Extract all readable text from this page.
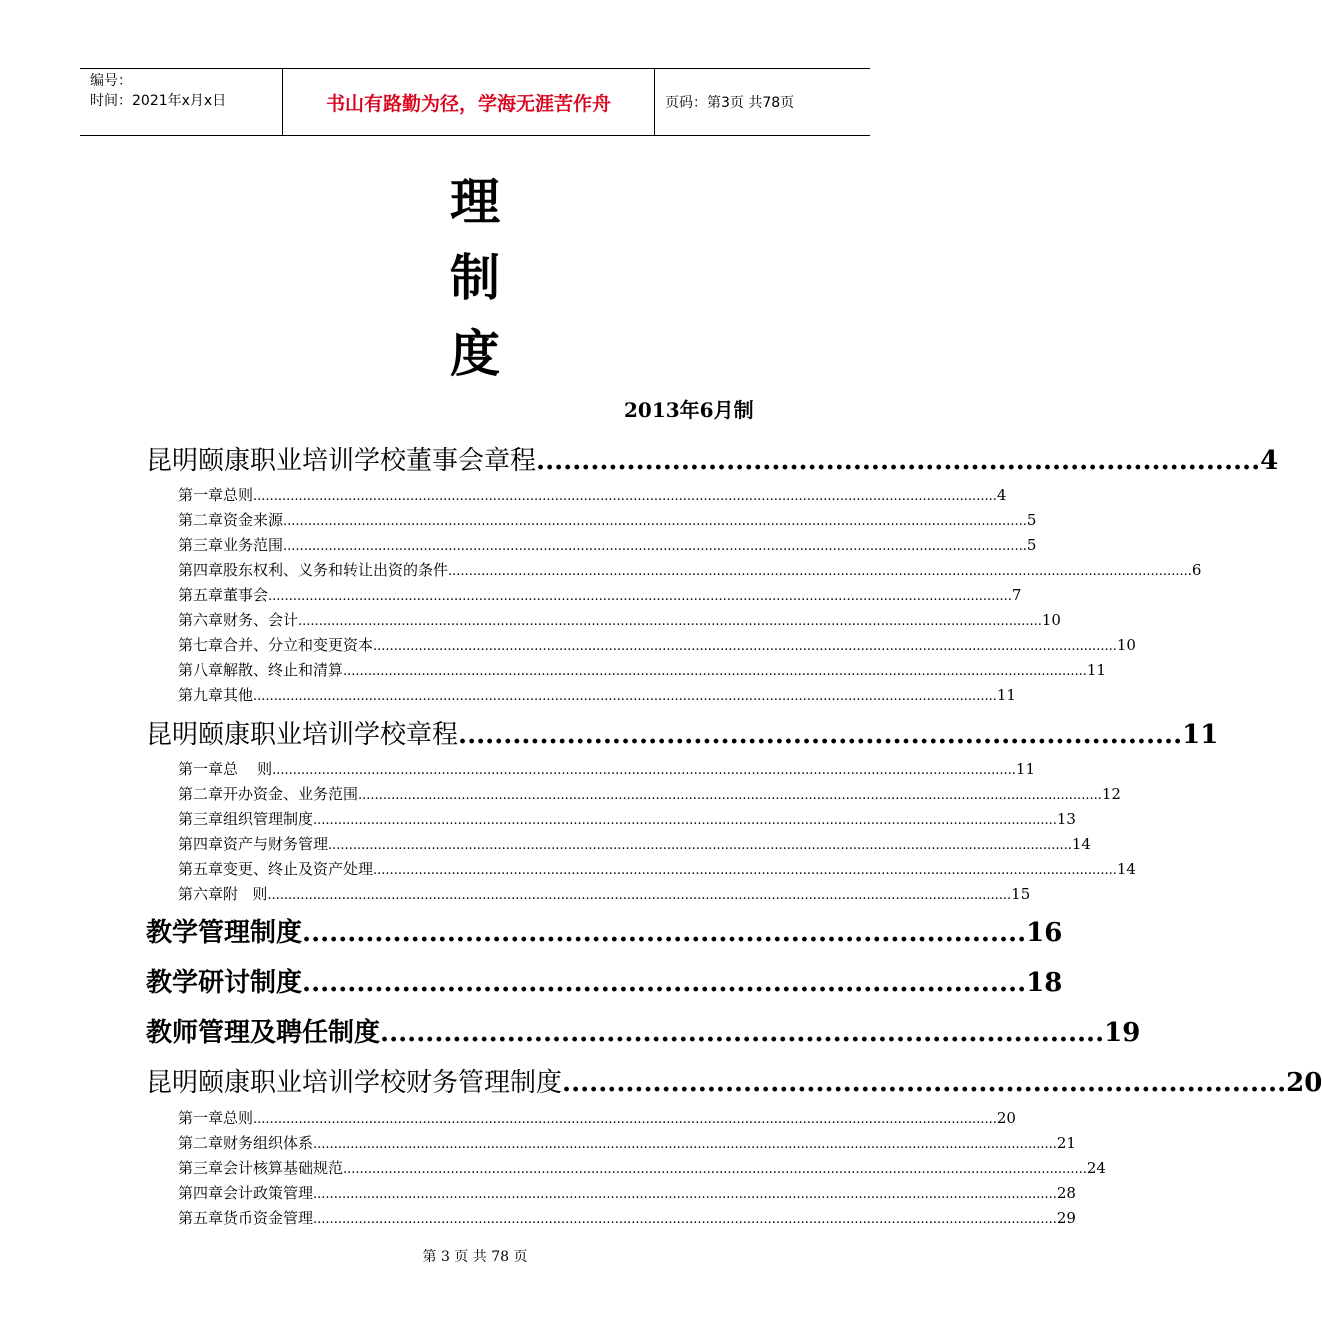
编号：
时间：2021年x月x日	书山有路勤为径，学海无涯苦作舟	页码：第3页 共78页
理
制
度
2013年6月制
昆明颐康职业培训学校董事会章程 ................................................................................ 4
第一章 总则 .................................................................................................................................................................................... 4
第二章 资金来源 .................................................................................................................................................................................... 5
第三章 业务范围 .................................................................................................................................................................................... 5
第四章 股东权利、义务和转让出资的条件 .................................................................................................................................................................................... 6
第五章 董事会 .................................................................................................................................................................................... 7
第六章 财务、会计 .................................................................................................................................................................................... 10
第七章 合并、分立和变更资本 .................................................................................................................................................................................... 10
第八章 解散、终止和清算 .................................................................................................................................................................................... 11
第九章 其他 .................................................................................................................................................................................... 11
昆明颐康职业培训学校章程 ................................................................................ 11
第一章 总    则 .................................................................................................................................................................................... 11
第二章 开办资金、业务范围 .................................................................................................................................................................................... 12
第三章 组织管理制度 .................................................................................................................................................................................... 13
第四章 资产与财务管理 .................................................................................................................................................................................... 14
第五章 变更、终止及资产处理 .................................................................................................................................................................................... 14
第六章 附   则 .................................................................................................................................................................................... 15
教学管理制度 ................................................................................ 16
教学研讨制度 ................................................................................ 18
教师管理及聘任制度 ................................................................................ 19
昆明颐康职业培训学校财务管理制度 ................................................................................ 20
第一章 总则 .................................................................................................................................................................................... 20
第二章 财务组织体系 .................................................................................................................................................................................... 21
第三章 会计核算基础规范 .................................................................................................................................................................................... 24
第四章 会计政策管理 .................................................................................................................................................................................... 28
第五章 货币资金管理 .................................................................................................................................................................................... 29
第 3 页 共 78 页
